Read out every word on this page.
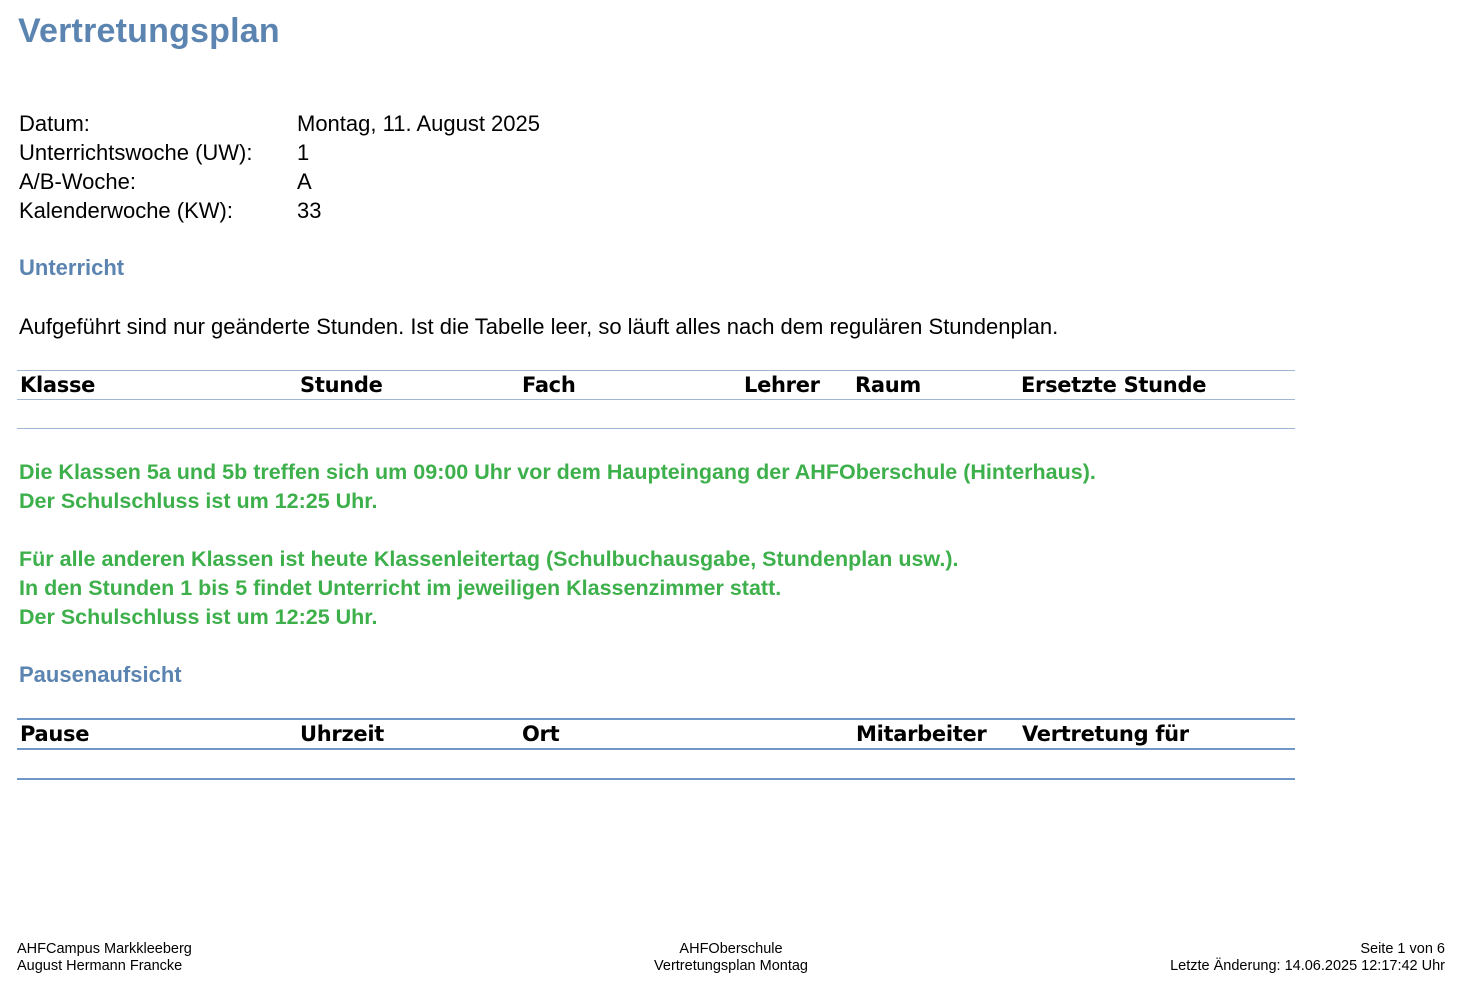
Vertretungsplan
Datum:	Montag, 11. August 2025
Unterrichtswoche (UW):	1
A/B-Woche:	A
Kalenderwoche (KW):	33
Unterricht

Aufgeführt sind nur geänderte Stunden. Ist die Tabelle leer, so läuft alles nach dem regulären Stundenplan.

Klasse	Stunde	Fach	Lehrer	Raum	Ersetzte Stunde
Die Klassen 5a und 5b treffen sich um 09:00 Uhr vor dem Haupteingang der AHFOberschule (Hinterhaus).
Der Schulschluss ist um 12:25 Uhr.

Für alle anderen Klassen ist heute Klassenleitertag (Schulbuchausgabe, Stundenplan usw.).
In den Stunden 1 bis 5 findet Unterricht im jeweiligen Klassenzimmer statt.
Der Schulschluss ist um 12:25 Uhr.
Pausenaufsicht
Pause	Uhrzeit	Ort	Mitarbeiter	Vertretung für
AHFCampus Markkleeberg
August Hermann Francke
AHFOberschule
Vertretungsplan Montag
Seite 1 von 6
Letzte Änderung: 14.06.2025 12:17:42 Uhr
